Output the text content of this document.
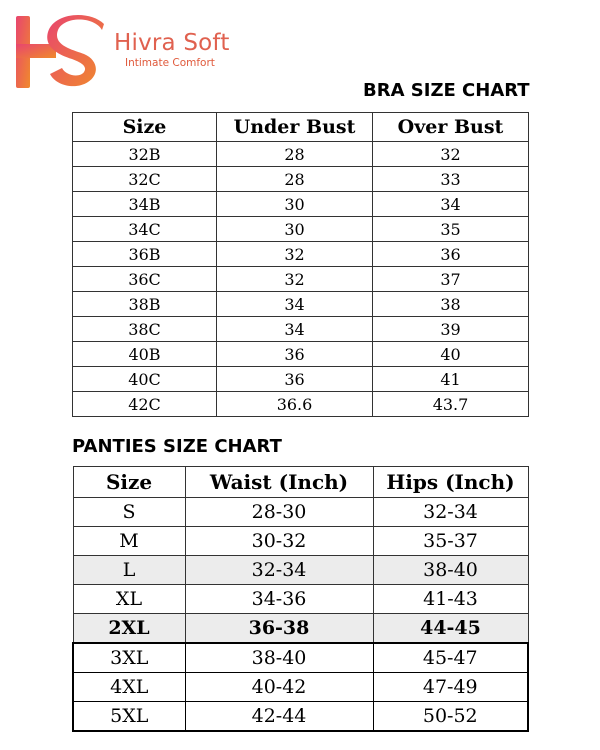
Hivra Soft
Intimate Comfort
BRA SIZE CHART
Size	Under Bust	Over Bust
32B	28	32
32C	28	33
34B	30	34
34C	30	35
36B	32	36
36C	32	37
38B	34	38
38C	34	39
40B	36	40
40C	36	41
42C	36.6	43.7
PANTIES SIZE CHART
Size	Waist (Inch)	Hips (Inch)
S	28-30	32-34
M	30-32	35-37
L	32-34	38-40
XL	34-36	41-43
2XL	36-38	44-45
3XL	38-40	45-47
4XL	40-42	47-49
5XL	42-44	50-52
